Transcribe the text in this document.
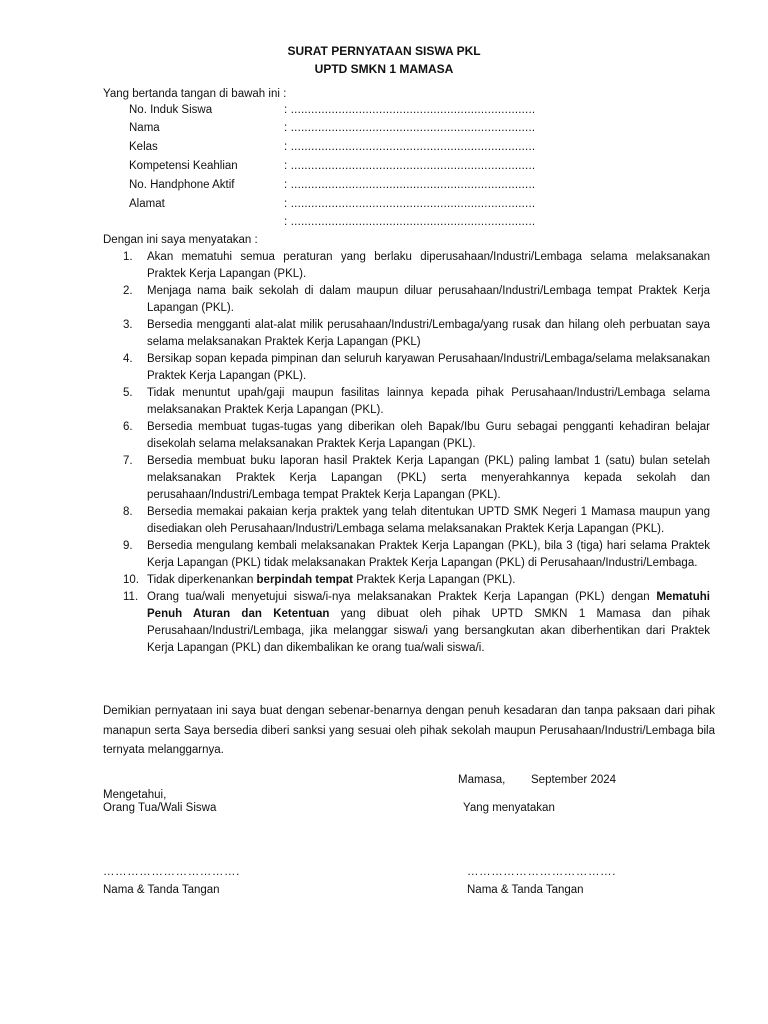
SURAT PERNYATAAN SISWA PKL
UPTD SMKN 1 MAMASA
Yang bertanda tangan di bawah ini :
No. Induk Siswa	: ........................................................................
Nama	: ........................................................................
Kelas	: ........................................................................
Kompetensi Keahlian	: ........................................................................
No. Handphone Aktif	: ........................................................................
Alamat	: ........................................................................
: ........................................................................
Dengan ini saya menyatakan :
1.	Akan mematuhi semua peraturan yang berlaku diperusahaan/Industri/Lembaga selama melaksanakan Praktek Kerja Lapangan (PKL).
2.	Menjaga nama baik sekolah di dalam maupun diluar perusahaan/Industri/Lembaga tempat Praktek Kerja Lapangan (PKL).
3.	Bersedia mengganti alat-alat milik perusahaan/Industri/Lembaga/yang rusak dan hilang oleh perbuatan saya selama melaksanakan Praktek Kerja Lapangan (PKL)
4.	Bersikap sopan kepada pimpinan dan seluruh karyawan Perusahaan/Industri/Lembaga/selama melaksanakan Praktek Kerja Lapangan (PKL).
5.	Tidak menuntut upah/gaji maupun fasilitas lainnya kepada pihak Perusahaan/Industri/Lembaga selama melaksanakan Praktek Kerja Lapangan (PKL).
6.	Bersedia membuat tugas-tugas yang diberikan oleh Bapak/Ibu Guru sebagai pengganti kehadiran belajar disekolah selama melaksanakan Praktek Kerja Lapangan (PKL).
7.	Bersedia membuat buku laporan hasil Praktek Kerja Lapangan (PKL) paling lambat 1 (satu) bulan setelah melaksanakan Praktek Kerja Lapangan (PKL) serta menyerahkannya kepada sekolah dan perusahaan/Industri/Lembaga tempat Praktek Kerja Lapangan (PKL).
8.	Bersedia memakai pakaian kerja praktek yang telah ditentukan UPTD SMK Negeri 1 Mamasa maupun yang disediakan oleh Perusahaan/Industri/Lembaga selama melaksanakan Praktek Kerja Lapangan (PKL).
9.	Bersedia mengulang kembali melaksanakan Praktek Kerja Lapangan (PKL), bila 3 (tiga) hari selama Praktek Kerja Lapangan (PKL) tidak melaksanakan Praktek Kerja Lapangan (PKL) di Perusahaan/Industri/Lembaga.
10. Tidak diperkenankan berpindah tempat Praktek Kerja Lapangan (PKL).
11. Orang tua/wali menyetujui siswa/i-nya melaksanakan Praktek Kerja Lapangan (PKL) dengan Mematuhi Penuh Aturan dan Ketentuan yang dibuat oleh pihak UPTD SMKN 1 Mamasa dan pihak Perusahaan/Industri/Lembaga, jika melanggar siswa/i yang bersangkutan akan diberhentikan dari Praktek Kerja Lapangan (PKL) dan dikembalikan ke orang tua/wali siswa/i.
Demikian pernyataan ini saya buat dengan sebenar-benarnya dengan penuh kesadaran dan tanpa paksaan dari pihak manapun serta Saya bersedia diberi sanksi yang sesuai oleh pihak sekolah maupun Perusahaan/Industri/Lembaga bila ternyata melanggarnya.
Mamasa, September 2024
Mengetahui,
Orang Tua/Wali Siswa	Yang menyatakan
…………………………….	……………………………….
Nama & Tanda Tangan	Nama & Tanda Tangan
